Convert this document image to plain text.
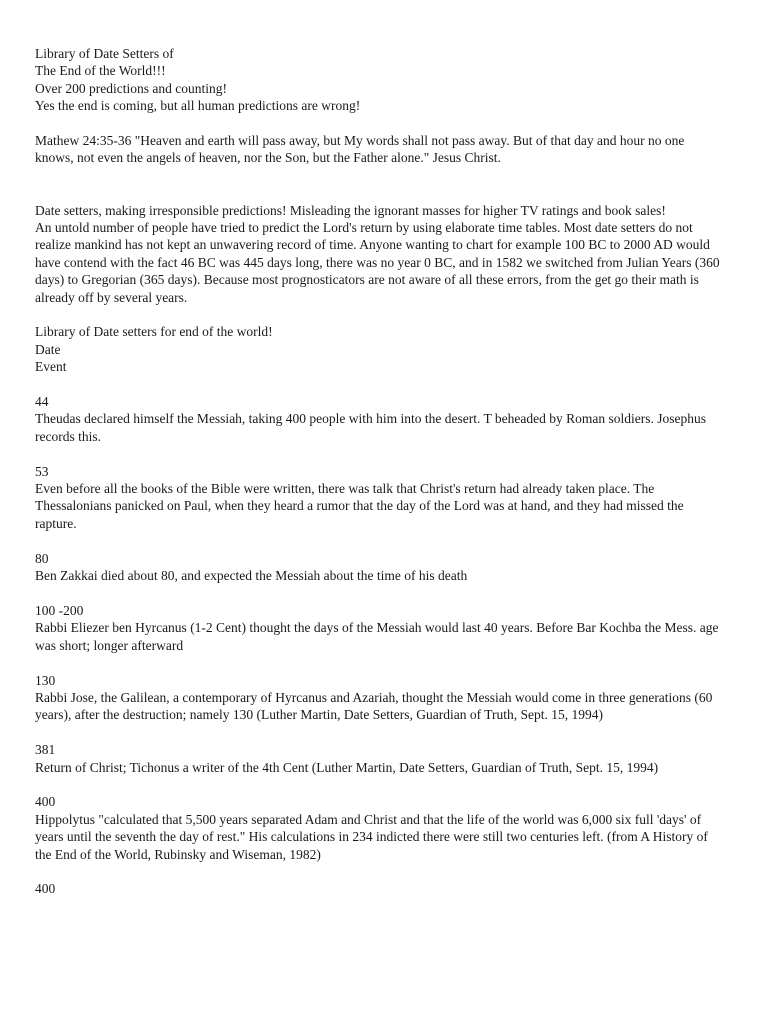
Library of Date Setters of
The End of the World!!!
Over 200 predictions and counting!
Yes the end is coming, but all human predictions are wrong!
Mathew 24:35-36 "Heaven and earth will pass away, but My words shall not pass away. But of that day and hour no one knows, not even the angels of heaven, nor the Son, but the Father alone." Jesus Christ.
Date setters, making irresponsible predictions! Misleading the ignorant masses for higher TV ratings and book sales!
An untold number of people have tried to predict the Lord's return by using elaborate time tables. Most date setters do not realize mankind has not kept an unwavering record of time. Anyone wanting to chart for example 100 BC to 2000 AD would have contend with the fact 46 BC was 445 days long, there was no year 0 BC, and in 1582 we switched from Julian Years (360 days) to Gregorian (365 days). Because most prognosticators are not aware of all these errors, from the get go their math is already off by several years.
Library of Date setters for end of the world!
Date
Event
44
Theudas declared himself the Messiah, taking 400 people with him into the desert. T beheaded by Roman soldiers. Josephus records this.
53
Even before all the books of the Bible were written, there was talk that Christ's return had already taken place. The Thessalonians panicked on Paul, when they heard a rumor that the day of the Lord was at hand, and they had missed the rapture.
80
Ben Zakkai died about 80, and expected the Messiah about the time of his death
100 -200
Rabbi Eliezer ben Hyrcanus (1-2 Cent) thought the days of the Messiah would last 40 years. Before Bar Kochba the Mess. age was short; longer afterward
130
Rabbi Jose, the Galilean, a contemporary of Hyrcanus and Azariah, thought the Messiah would come in three generations (60 years), after the destruction; namely 130 (Luther Martin, Date Setters, Guardian of Truth, Sept. 15, 1994)
381
Return of Christ; Tichonus a writer of the 4th Cent (Luther Martin, Date Setters, Guardian of Truth, Sept. 15, 1994)
400
Hippolytus "calculated that 5,500 years separated Adam and Christ and that the life of the world was 6,000 six full 'days' of years until the seventh the day of rest." His calculations in 234 indicted there were still two centuries left. (from A History of the End of the World, Rubinsky and Wiseman, 1982)
400
